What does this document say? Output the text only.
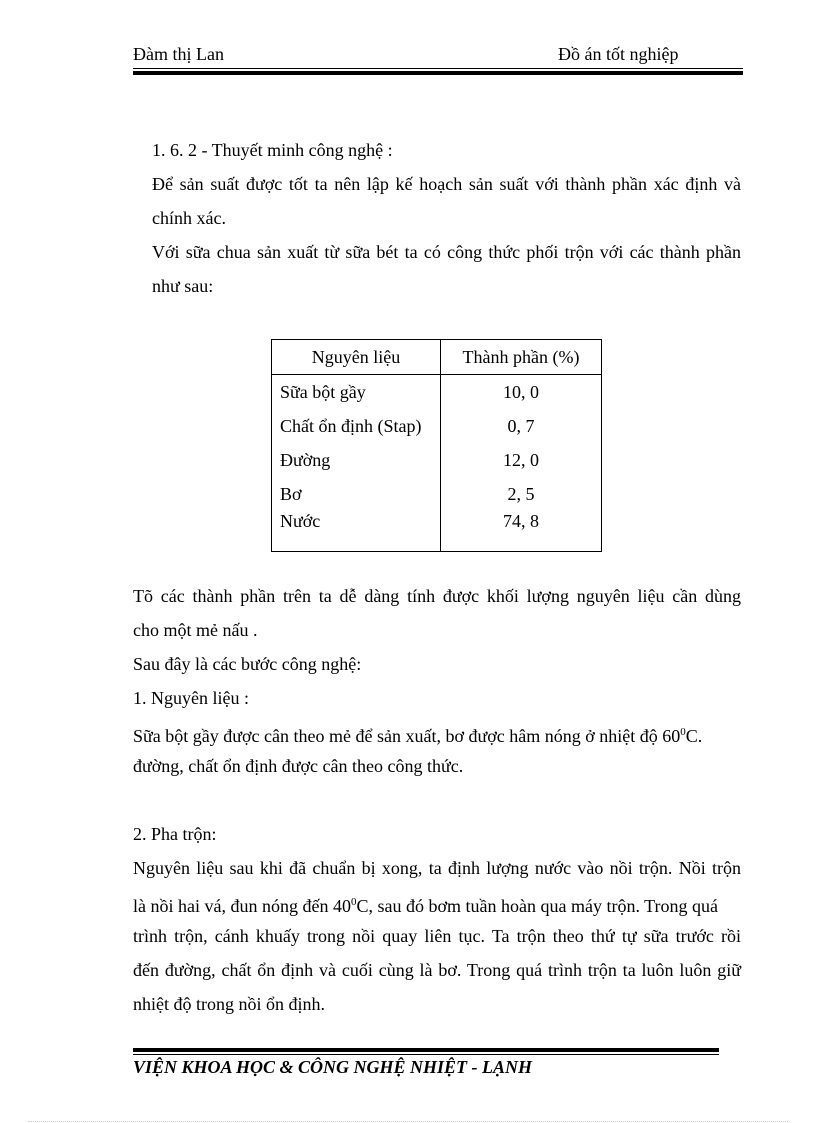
Đàm thị Lan	Đồ án tốt nghiệp
1. 6. 2 - Thuyết minh công nghệ :
Để sản suất được tốt ta nên lập kế hoạch sản suất với thành phần xác định và
chính xác.
Với sữa chua sản xuất từ sữa bét ta có công thức phối trộn với các thành phần
như sau:
Nguyên liệu	Thành phần (%)
Sữa bột gầy	10, 0
Chất ổn định (Stap)	0, 7
Đường	12, 0
Bơ	2, 5
Nước	74, 8
Tõ các thành phần trên ta dễ dàng tính được khối lượng nguyên liệu cần dùng
cho một mẻ nấu .
Sau đây là các bước công nghệ:
1. Nguyên liệu :
Sữa bột gầy được cân theo mẻ để sản xuất, bơ được hâm nóng ở nhiệt độ $60^0C$.
đường, chất ổn định được cân theo công thức.
2. Pha trộn:
Nguyên liệu sau khi đã chuẩn bị xong, ta định lượng nước vào nồi trộn. Nồi trộn
là nồi hai vá, đun nóng đến $40^0C$, sau đó bơm tuần hoàn qua máy trộn. Trong quá
trình trộn, cánh khuấy trong nồi quay liên tục. Ta trộn theo thứ tự sữa trước rồi
đến đường, chất ổn định và cuối cùng là bơ. Trong quá trình trộn ta luôn luôn giữ
nhiệt độ trong nồi ổn định.
VIỆN KHOA HỌC & CÔNG NGHỆ NHIỆT - LẠNH
